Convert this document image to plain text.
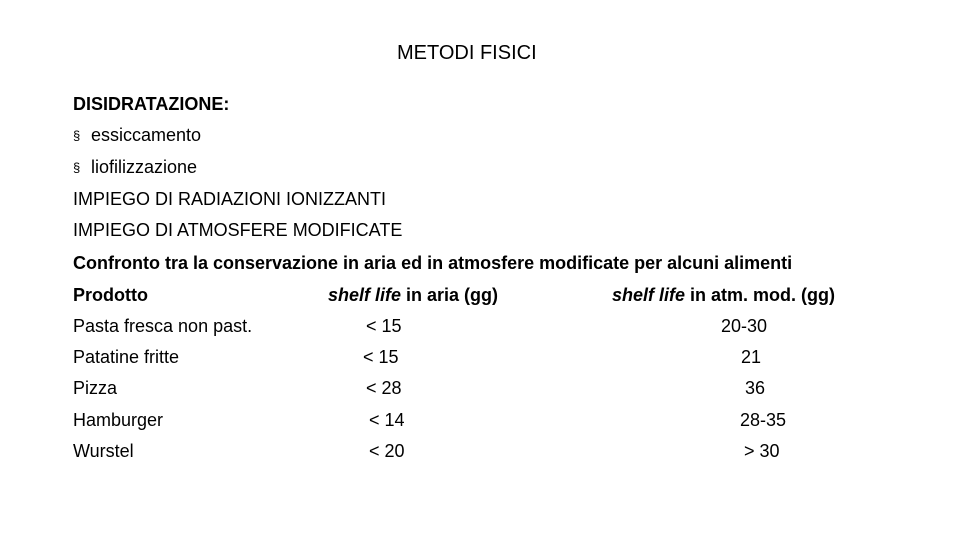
METODI FISICI
DISIDRATAZIONE:
§ essiccamento
§ liofilizzazione
IMPIEGO DI RADIAZIONI IONIZZANTI
IMPIEGO DI ATMOSFERE MODIFICATE
Confronto tra la conservazione in aria ed in atmosfere modificate per alcuni alimenti
Prodotto	shelf life in aria (gg)	shelf life in atm. mod. (gg)
Pasta fresca non past.	< 15	20-30
Patatine fritte	< 15	21
Pizza	< 28	36
Hamburger	< 14	28-35
Wurstel	< 20	> 30
